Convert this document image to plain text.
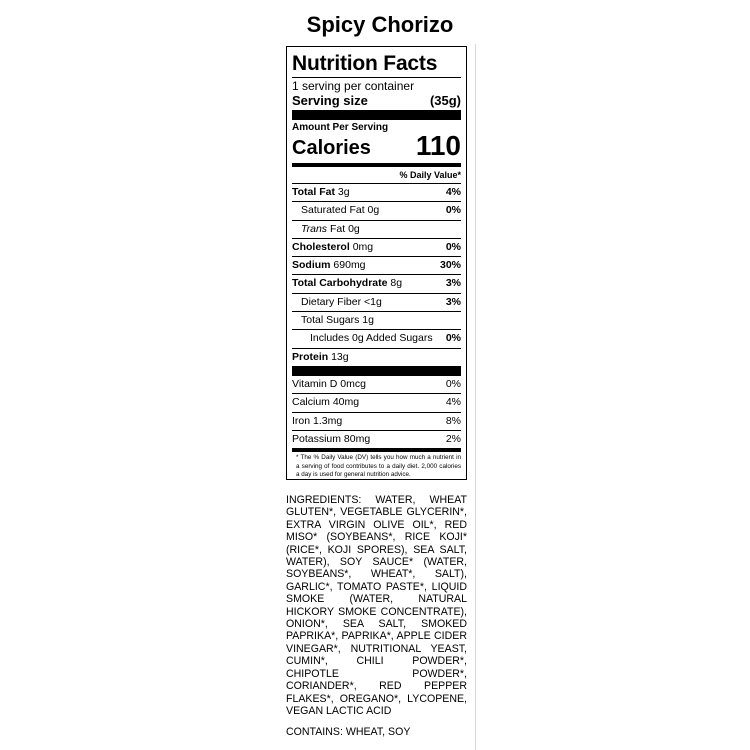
Spicy Chorizo
Nutrition Facts
1 serving per container
Serving size	(35g)
Amount Per Serving
Calories 110
% Daily Value*
Total Fat 3g	4%
Saturated Fat 0g	0%
Trans Fat 0g
Cholesterol 0mg	0%
Sodium 690mg	30%
Total Carbohydrate 8g	3%
Dietary Fiber <1g	3%
Total Sugars 1g
Includes 0g Added Sugars 0%
Protein 13g
Vitamin D 0mcg	0%
Calcium 40mg	4%
Iron 1.3mg	8%
Potassium 80mg	2%
* The % Daily Value (DV) tells you how much a nutrient in a serving of food contributes to a daily diet. 2,000 calories a day is used for general nutrition advice.
INGREDIENTS: WATER, WHEAT GLUTEN*, VEGETABLE GLYCERIN*, EXTRA VIRGIN OLIVE OIL*, RED MISO* (SOYBEANS*, RICE KOJI* (RICE*, KOJI SPORES), SEA SALT, WATER), SOY SAUCE* (WATER, SOYBEANS*, WHEAT*, SALT), GARLIC*, TOMATO PASTE*, LIQUID SMOKE (WATER, NATURAL HICKORY SMOKE CONCENTRATE), ONION*, SEA SALT, SMOKED PAPRIKA*, PAPRIKA*, APPLE CIDER VINEGAR*, NUTRITIONAL YEAST, CUMIN*, CHILI POWDER*, CHIPOTLE POWDER*, CORIANDER*, RED PEPPER FLAKES*, OREGANO*, LYCOPENE, VEGAN LACTIC ACID
CONTAINS: WHEAT, SOY
